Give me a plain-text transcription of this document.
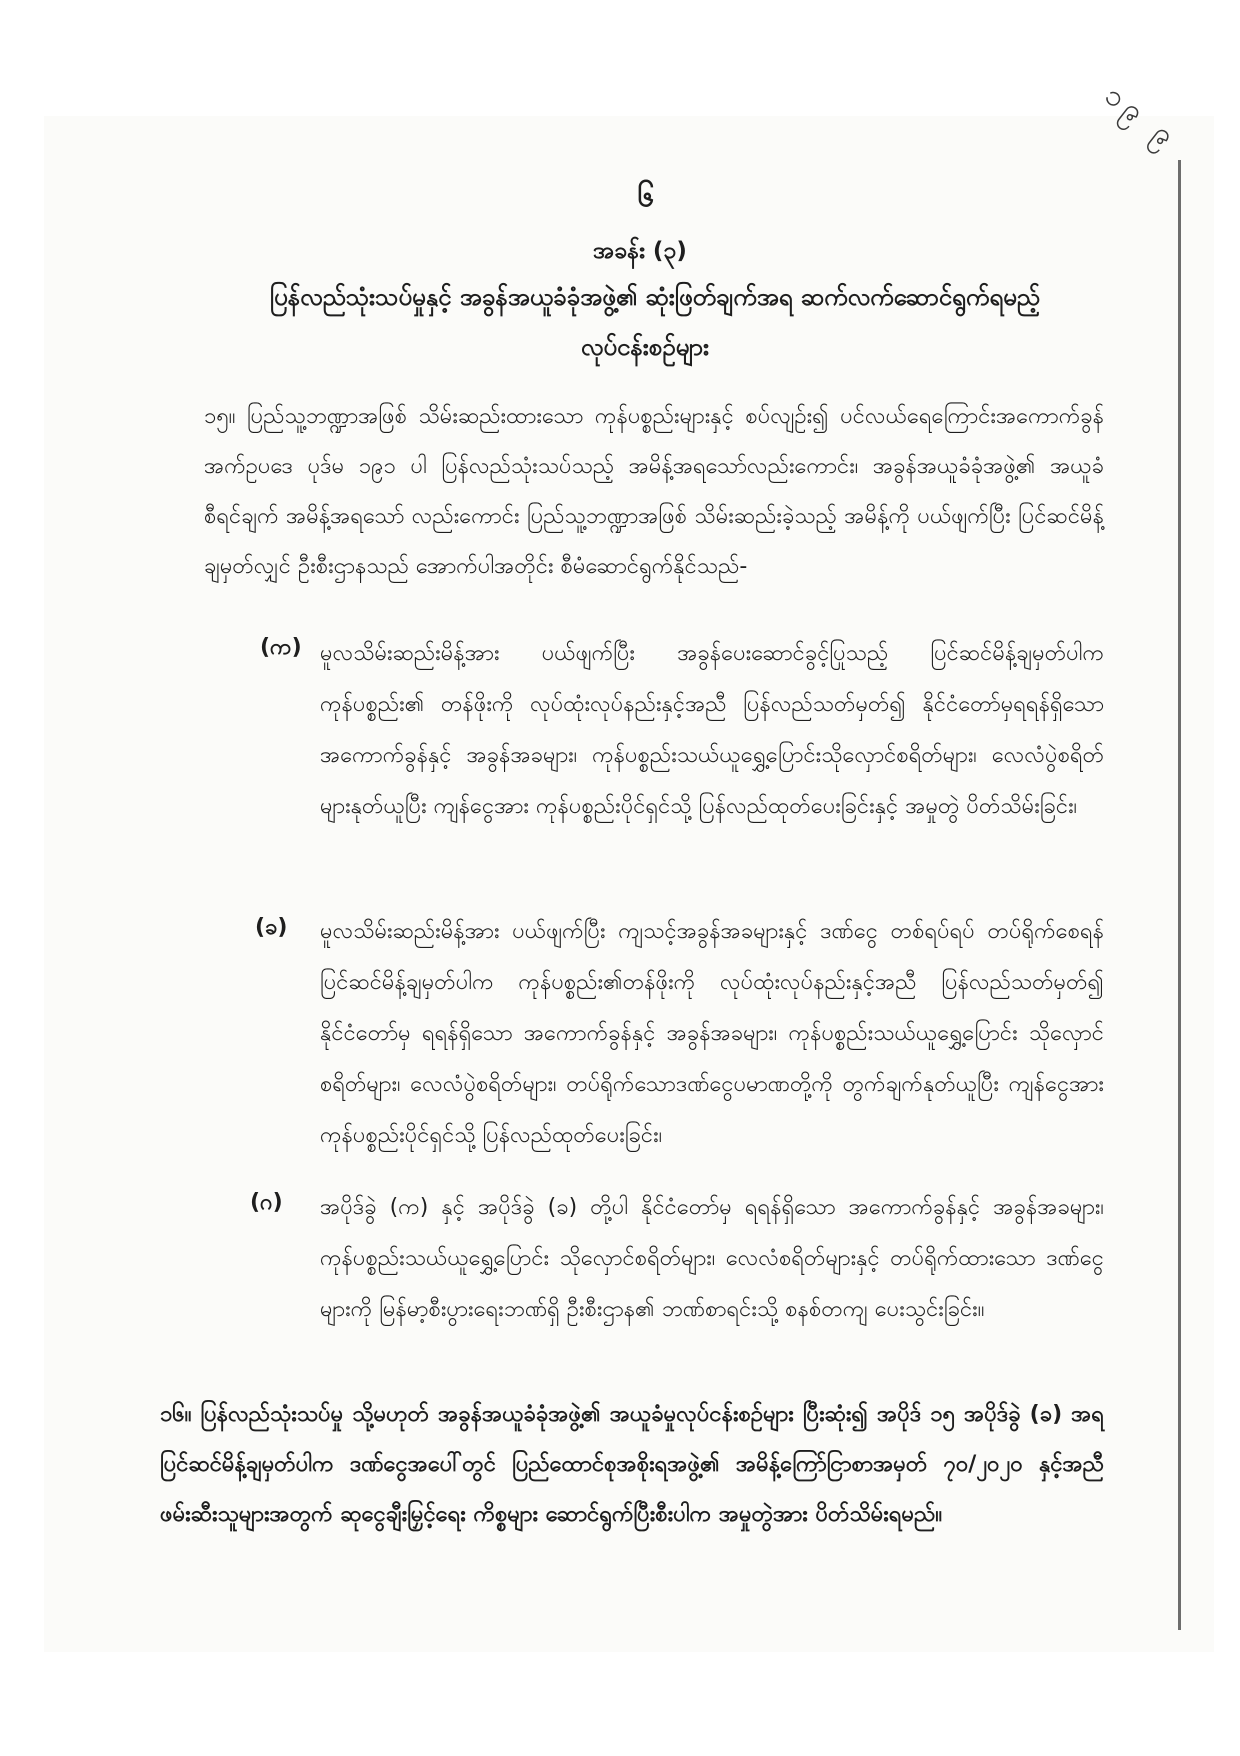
၁၉ ၉
၆
အခန်း (၃)
ပြန်လည်သုံးသပ်မှုနှင့် အခွန်အယူခံခုံအဖွဲ့၏ ဆုံးဖြတ်ချက်အရ ဆက်လက်ဆောင်ရွက်ရမည့်
လုပ်ငန်းစဉ်များ
၁၅။ ပြည်သူ့ဘဏ္ဍာအဖြစ် သိမ်းဆည်းထားသော ကုန်ပစ္စည်းများနှင့် စပ်လျဉ်း၍ ပင်လယ်ရေကြောင်းအကောက်ခွန်အက်ဥပဒေ ပုဒ်မ ၁၉၁ ပါ ပြန်လည်သုံးသပ်သည့် အမိန့်အရသော်လည်းကောင်း၊ အခွန်အယူခံခုံအဖွဲ့၏ အယူခံစီရင်ချက် အမိန့်အရသော် လည်းကောင်း ပြည်သူ့ဘဏ္ဍာအဖြစ် သိမ်းဆည်းခဲ့သည့် အမိန့်ကို ပယ်ဖျက်ပြီး ပြင်ဆင်မိန့်ချမှတ်လျှင် ဦးစီးဌာနသည် အောက်ပါအတိုင်း စီမံဆောင်ရွက်နိုင်သည်-
(က) မူလသိမ်းဆည်းမိန့်အား ပယ်ဖျက်ပြီး အခွန်ပေးဆောင်ခွင့်ပြုသည့် ပြင်ဆင်မိန့်ချမှတ်ပါက ကုန်ပစ္စည်း၏ တန်ဖိုးကို လုပ်ထုံးလုပ်နည်းနှင့်အညီ ပြန်လည်သတ်မှတ်၍ နိုင်ငံတော်မှရရန်ရှိသော အကောက်ခွန်နှင့် အခွန်အခများ၊ ကုန်ပစ္စည်းသယ်ယူရွှေ့ပြောင်းသိုလှောင်စရိတ်များ၊ လေလံပွဲစရိတ်များနုတ်ယူပြီး ကျန်ငွေအား ကုန်ပစ္စည်းပိုင်ရှင်သို့ ပြန်လည်ထုတ်ပေးခြင်းနှင့် အမှုတွဲ ပိတ်သိမ်းခြင်း၊
(ခ)	မူလသိမ်းဆည်းမိန့်အား ပယ်ဖျက်ပြီး ကျသင့်အခွန်အခများနှင့် ဒဏ်ငွေ တစ်ရပ်ရပ် တပ်ရိုက်စေရန် ပြင်ဆင်မိန့်ချမှတ်ပါက ကုန်ပစ္စည်း၏တန်ဖိုးကို လုပ်ထုံးလုပ်နည်းနှင့်အညီ ပြန်လည်သတ်မှတ်၍ နိုင်ငံတော်မှ ရရန်ရှိသော အကောက်ခွန်နှင့် အခွန်အခများ၊ ကုန်ပစ္စည်းသယ်ယူရွှေ့ပြောင်း သိုလှောင်စရိတ်များ၊ လေလံပွဲစရိတ်များ၊ တပ်ရိုက်သောဒဏ်ငွေပမာဏတို့ကို တွက်ချက်နုတ်ယူပြီး ကျန်ငွေအား ကုန်ပစ္စည်းပိုင်ရှင်သို့ ပြန်လည်ထုတ်ပေးခြင်း၊
(ဂ)	အပိုဒ်ခွဲ (က) နှင့် အပိုဒ်ခွဲ (ခ) တို့ပါ နိုင်ငံတော်မှ ရရန်ရှိသော အကောက်ခွန်နှင့် အခွန်အခများ၊ ကုန်ပစ္စည်းသယ်ယူရွှေ့ပြောင်း သိုလှောင်စရိတ်များ၊ လေလံစရိတ်များနှင့် တပ်ရိုက်ထားသော ဒဏ်ငွေများကို မြန်မာ့စီးပွားရေးဘဏ်ရှိ ဦးစီးဌာန၏ ဘဏ်စာရင်းသို့ စနစ်တကျ ပေးသွင်းခြင်း။
၁၆။ ပြန်လည်သုံးသပ်မှု သို့မဟုတ် အခွန်အယူခံခုံအဖွဲ့၏ အယူခံမှုလုပ်ငန်းစဉ်များ ပြီးဆုံး၍ အပိုဒ် ၁၅ အပိုဒ်ခွဲ (ခ) အရ ပြင်ဆင်မိန့်ချမှတ်ပါက ဒဏ်ငွေအပေါ်တွင် ပြည်ထောင်စုအစိုးရအဖွဲ့၏ အမိန့်ကြော်ငြာစာအမှတ် ၇၀/၂၀၂၀ နှင့်အညီ ဖမ်းဆီးသူများအတွက် ဆုငွေချီးမြှင့်ရေး ကိစ္စများ ဆောင်ရွက်ပြီးစီးပါက အမှုတွဲအား ပိတ်သိမ်းရမည်။
